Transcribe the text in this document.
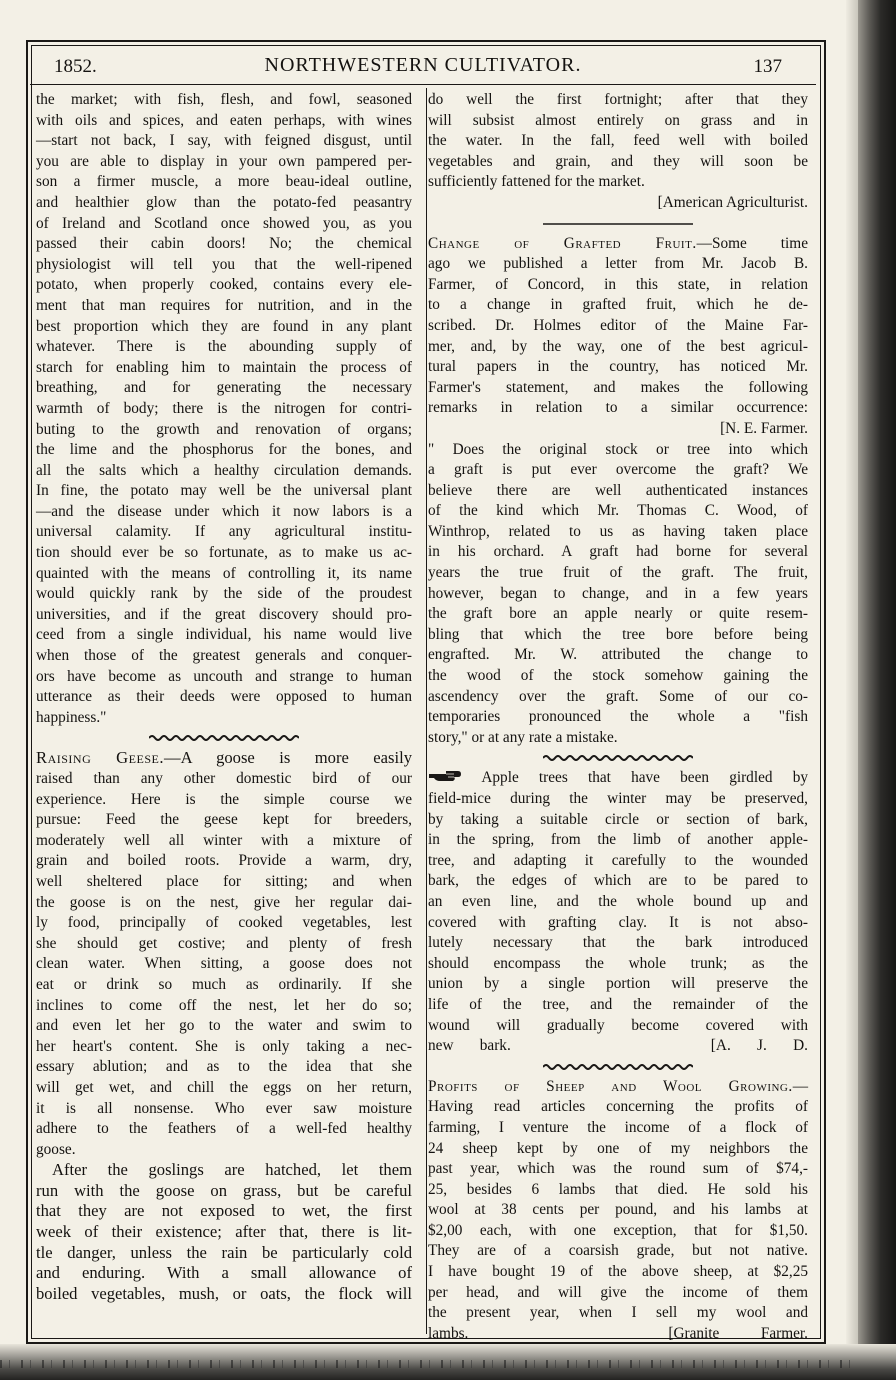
1852.	NORTHWESTERN CULTIVATOR.	137
the market; with fish, flesh, and fowl, seasoned
with oils and spices, and eaten perhaps, with wines
—start not back, I say, with feigned disgust, until
you are able to display in your own pampered per-
son a firmer muscle, a more beau-ideal outline,
and healthier glow than the potato-fed peasantry
of Ireland and Scotland once showed you, as you
passed their cabin doors! No; the chemical
physiologist will tell you that the well-ripened
potato, when properly cooked, contains every ele-
ment that man requires for nutrition, and in the
best proportion which they are found in any plant
whatever. There is the abounding supply of
starch for enabling him to maintain the process of
breathing, and for generating the necessary
warmth of body; there is the nitrogen for contri-
buting to the growth and renovation of organs;
the lime and the phosphorus for the bones, and
all the salts which a healthy circulation demands.
In fine, the potato may well be the universal plant
—and the disease under which it now labors is a
universal calamity. If any agricultural institu-
tion should ever be so fortunate, as to make us ac-
quainted with the means of controlling it, its name
would quickly rank by the side of the proudest
universities, and if the great discovery should pro-
ceed from a single individual, his name would live
when those of the greatest generals and conquer-
ors have become as uncouth and strange to human
utterance as their deeds were opposed to human
happiness."
Raising Geese.—A goose is more easily
raised than any other domestic bird of our
experience. Here is the simple course we
pursue: Feed the geese kept for breeders,
moderately well all winter with a mixture of
grain and boiled roots. Provide a warm, dry,
well sheltered place for sitting; and when
the goose is on the nest, give her regular dai-
ly food, principally of cooked vegetables, lest
she should get costive; and plenty of fresh
clean water. When sitting, a goose does not
eat or drink so much as ordinarily. If she
inclines to come off the nest, let her do so;
and even let her go to the water and swim to
her heart's content. She is only taking a nec-
essary ablution; and as to the idea that she
will get wet, and chill the eggs on her return,
it is all nonsense. Who ever saw moisture
adhere to the feathers of a well-fed healthy
goose.
After the goslings are hatched, let them
run with the goose on grass, but be careful
that they are not exposed to wet, the first
week of their existence; after that, there is lit-
tle danger, unless the rain be particularly cold
and enduring. With a small allowance of
boiled vegetables, mush, or oats, the flock will
do well the first fortnight; after that they
will subsist almost entirely on grass and in
the water. In the fall, feed well with boiled
vegetables and grain, and they will soon be
sufficiently fattened for the market.
[American Agriculturist.
Change of Grafted Fruit.—Some time
ago we published a letter from Mr. Jacob B.
Farmer, of Concord, in this state, in relation
to a change in grafted fruit, which he de-
scribed. Dr. Holmes editor of the Maine Far-
mer, and, by the way, one of the best agricul-
tural papers in the country, has noticed Mr.
Farmer's statement, and makes the following
remarks in relation to a similar occurrence:
[N. E. Farmer.
" Does the original stock or tree into which
a graft is put ever overcome the graft? We
believe there are well authenticated instances
of the kind which Mr. Thomas C. Wood, of
Winthrop, related to us as having taken place
in his orchard. A graft had borne for several
years the true fruit of the graft. The fruit,
however, began to change, and in a few years
the graft bore an apple nearly or quite resem-
bling that which the tree bore before being
engrafted. Mr. W. attributed the change to
the wood of the stock somehow gaining the
ascendency over the graft. Some of our co-
temporaries pronounced the whole a "fish
story," or at any rate a mistake.
Apple trees that have been girdled by
field-mice during the winter may be preserved,
by taking a suitable circle or section of bark,
in the spring, from the limb of another apple-
tree, and adapting it carefully to the wounded
bark, the edges of which are to be pared to
an even line, and the whole bound up and
covered with grafting clay. It is not abso-
lutely necessary that the bark introduced
should encompass the whole trunk; as the
union by a single portion will preserve the
life of the tree, and the remainder of the
wound will gradually become covered with
new bark.	[A. J. D.
Profits of Sheep and Wool Growing.—
Having read articles concerning the profits of
farming, I venture the income of a flock of
24 sheep kept by one of my neighbors the
past year, which was the round sum of $74,-
25, besides 6 lambs that died. He sold his
wool at 38 cents per pound, and his lambs at
$2,00 each, with one exception, that for $1,50.
They are of a coarsish grade, but not native.
I have bought 19 of the above sheep, at $2,25
per head, and will give the income of them
the present year, when I sell my wool and
lambs.	[Granite Farmer.
